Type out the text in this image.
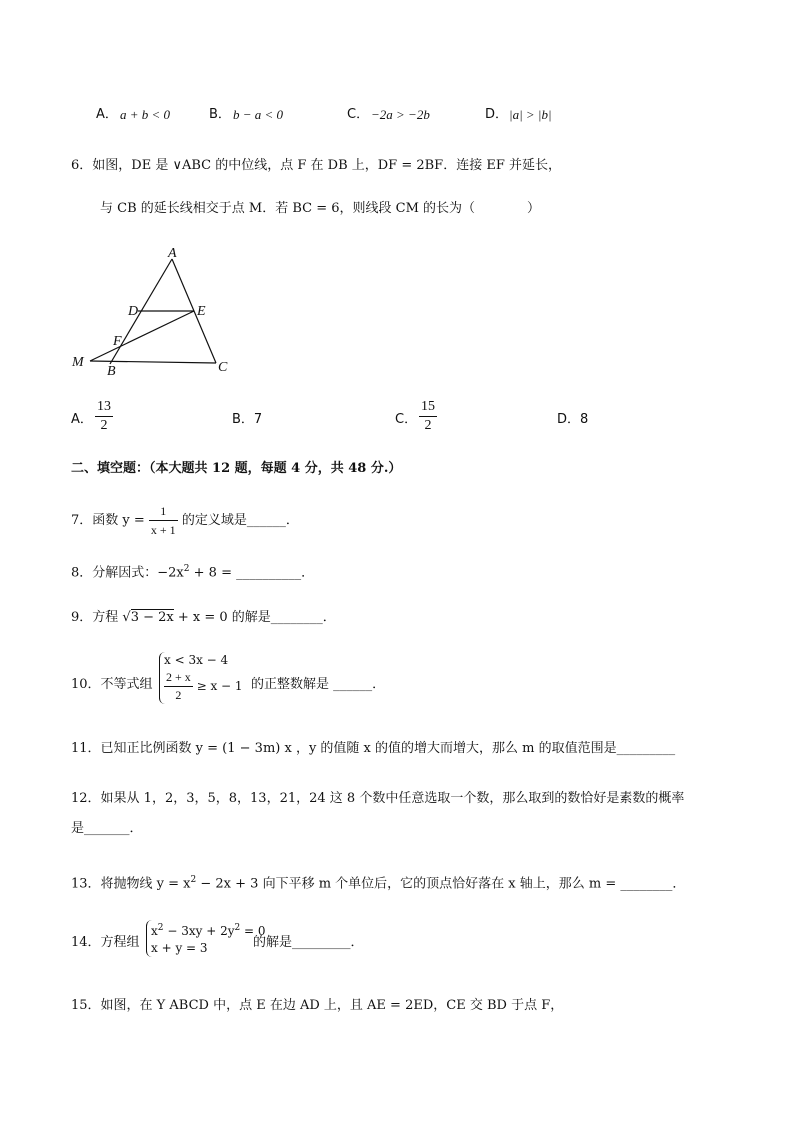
A． a + b < 0	B． b − a < 0	C． −2a > −2b	D． |a| > |b|
6．如图，DE 是 ∨ABC 的中位线，点 F 在 DB 上，DF = 2BF．连接 EF 并延长，
与 CB 的延长线相交于点 M．若 BC = 6，则线段 CM 的长为（　　　　）
A
D	E
F
M
B	C
A． $\frac{13}{2}$	B．7	C． $\frac{15}{2}$	D．8
二、填空题：（本大题共 12 题，每题 4 分，共 48 分.）
7．函数 $y = \frac{1}{x + 1}$ 的定义域是______．
8．分解因式：$-2x^2 + 8$ = __________．
9．方程 √3 − 2x + x = 0 的解是________．
10．不等式组
x < 3x − 4
$\frac{2 + x}{2} \ge x - 1$ 的正整数解是 ______．
11．已知正比例函数 y = (1 − 3m) x ，y 的值随 x 的值的增大而增大，那么 m 的取值范围是_________
12．如果从 1，2，3，5，8，13，21，24 这 8 个数中任意选取一个数，那么取到的数恰好是素数的概率
是_______．
13．将抛物线 $y = x^2 - 2x + 3$ 向下平移 m 个单位后，它的顶点恰好落在 x 轴上，那么 m = ________．
14．方程组
$x^2 - 3xy + 2y^2 = 0$
x + y = 3	的解是_________．
15．如图，在 Y ABCD 中，点 E 在边 AD 上，且 AE = 2ED，CE 交 BD 于点 F，
